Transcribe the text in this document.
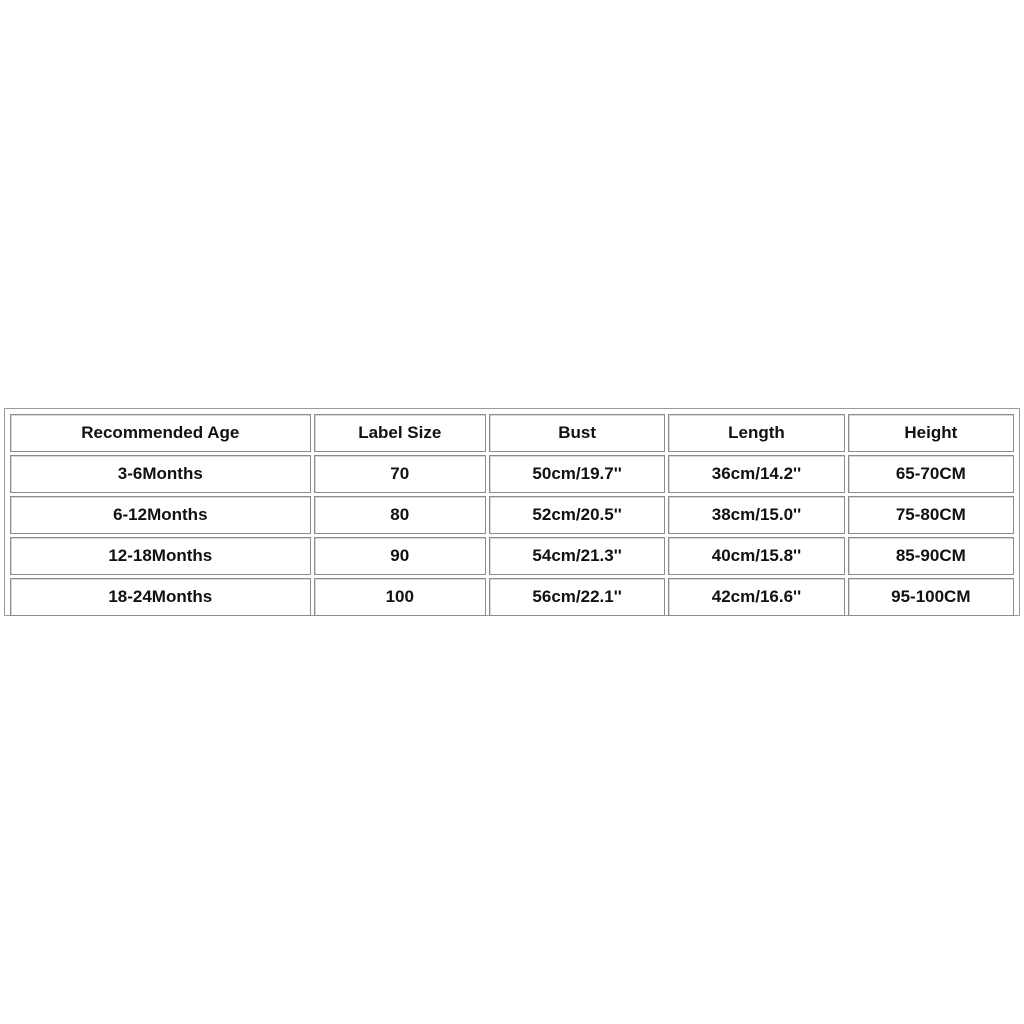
Recommended Age	Label Size	Bust	Length	Height
3-6Months	70	50cm/19.7''	36cm/14.2''	65-70CM
6-12Months	80	52cm/20.5''	38cm/15.0''	75-80CM
12-18Months	90	54cm/21.3''	40cm/15.8''	85-90CM
18-24Months	100	56cm/22.1''	42cm/16.6''	95-100CM
